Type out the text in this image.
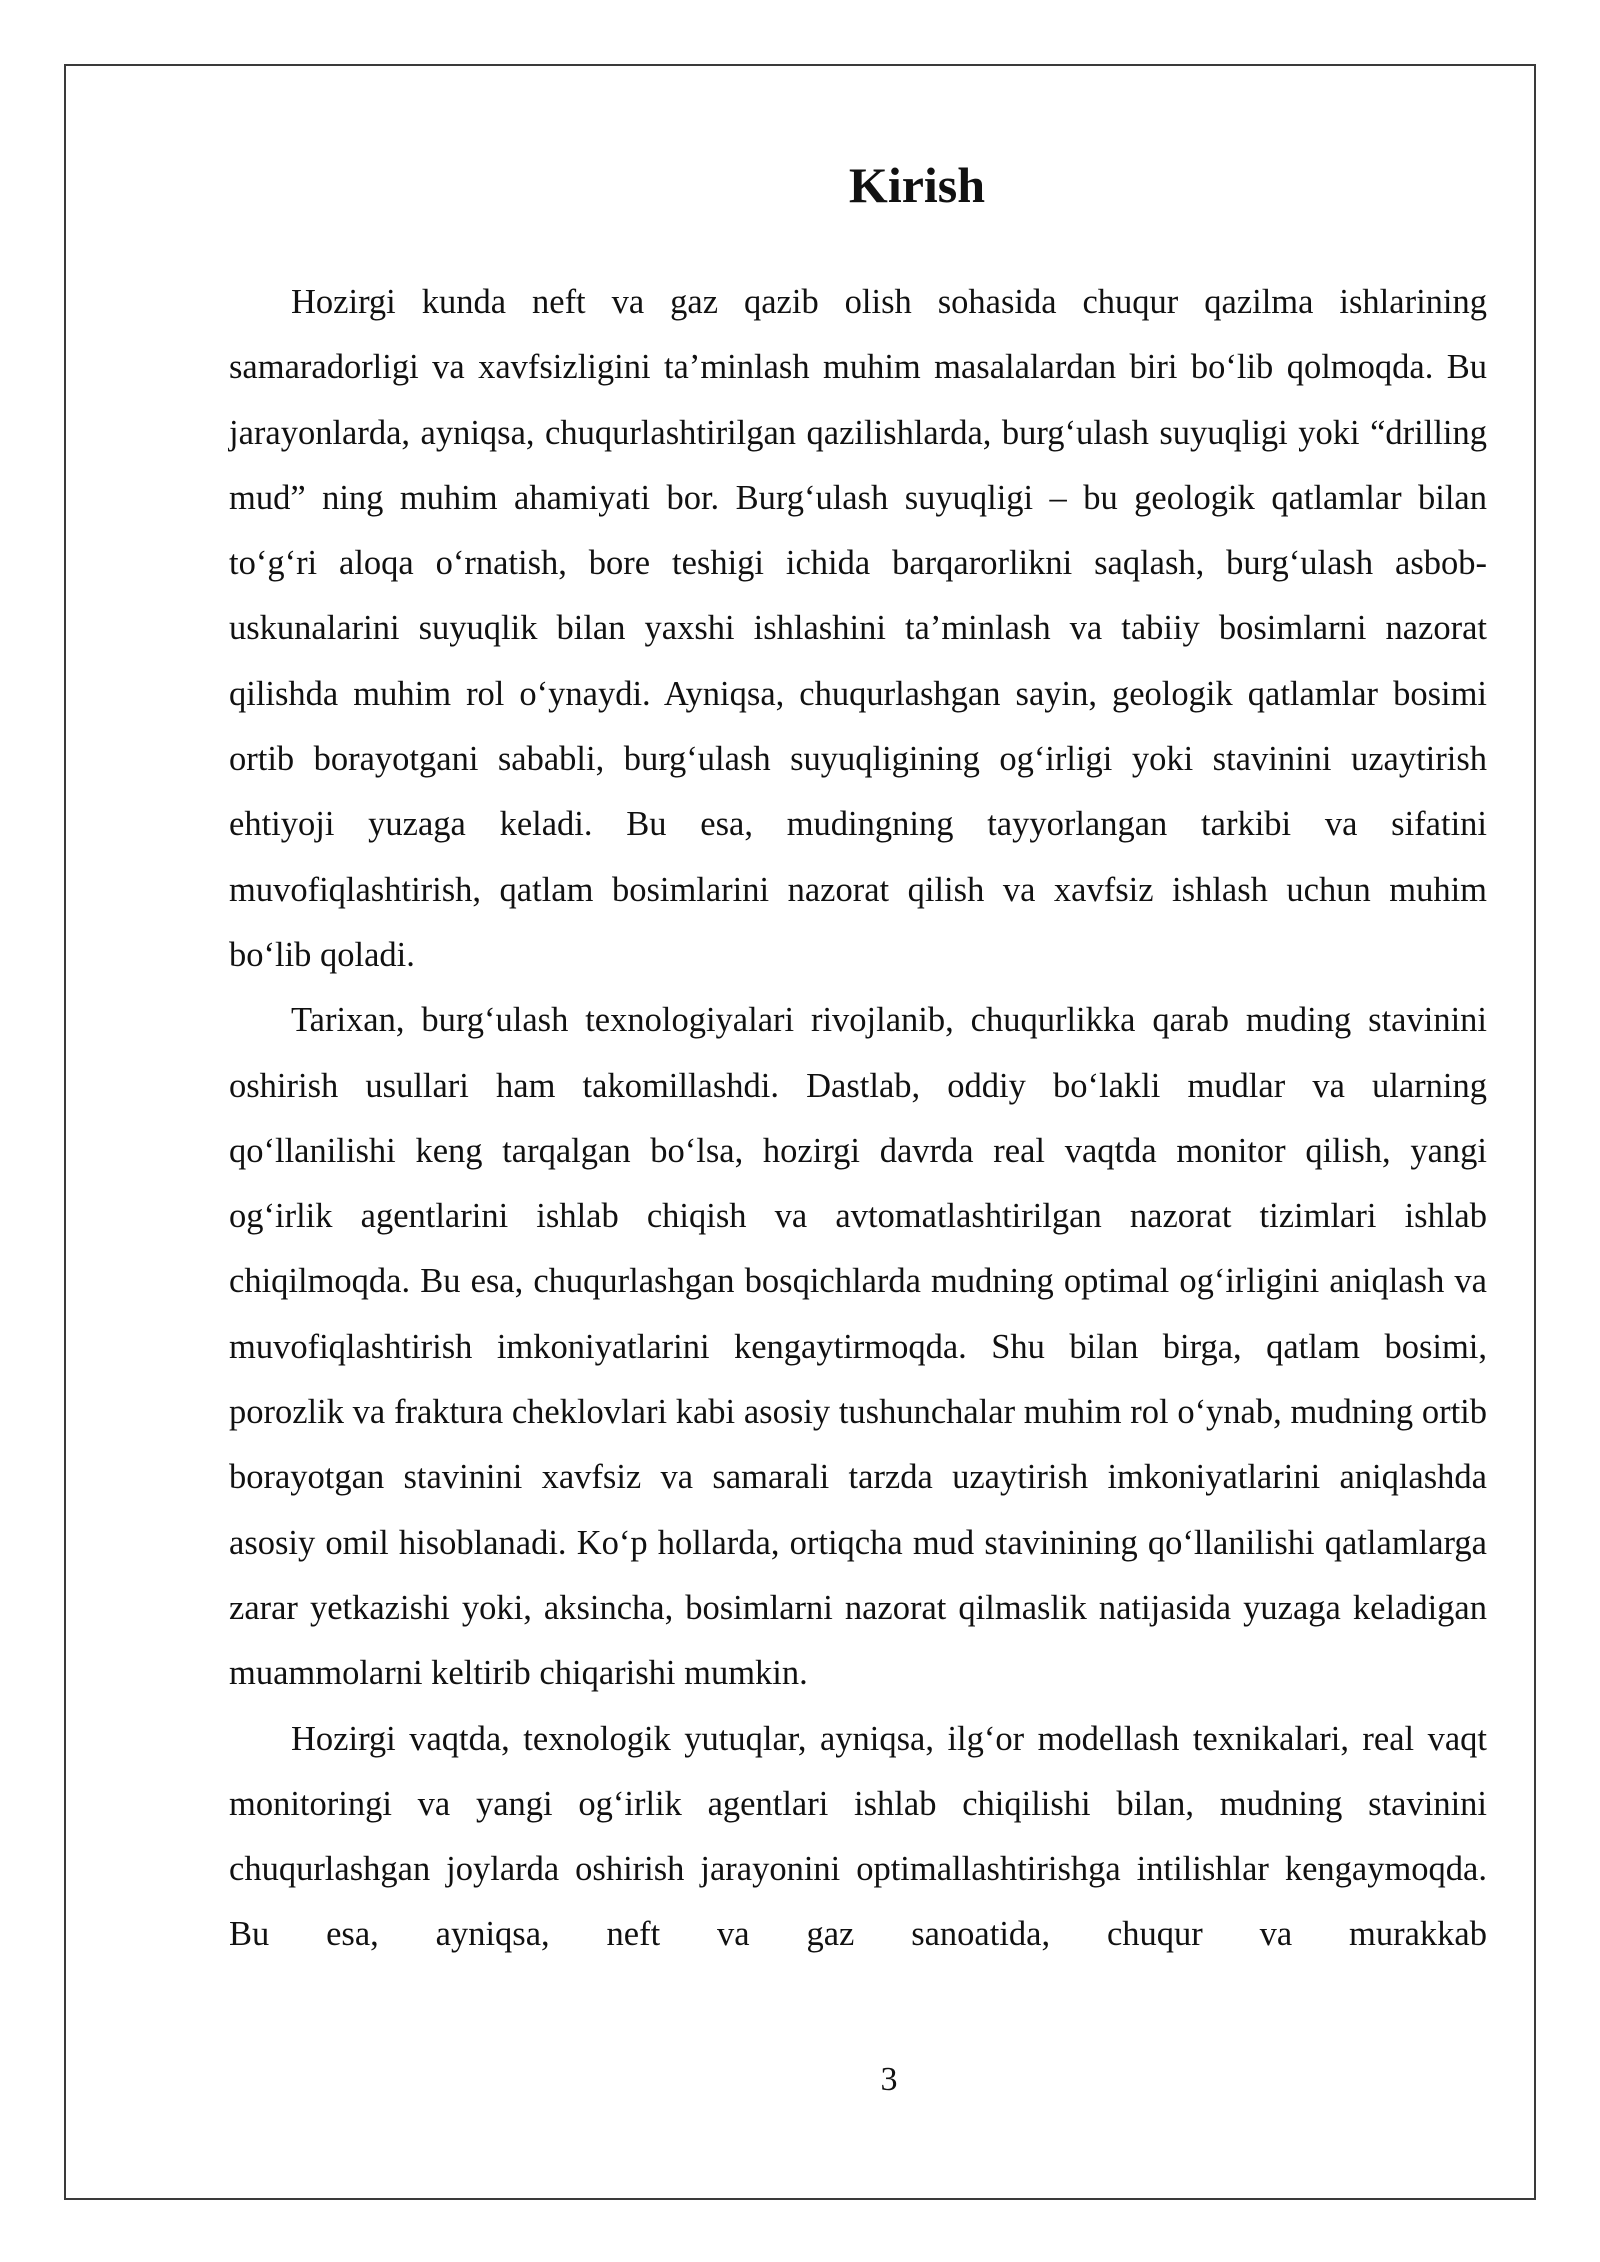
Kirish

Hozirgi kunda neft va gaz qazib olish sohasida chuqur qazilma ishlarining samaradorligi va xavfsizligini ta’minlash muhim masalalardan biri bo‘lib qolmoqda. Bu jarayonlarda, ayniqsa, chuqurlashtirilgan qazilishlarda, burg‘ulash suyuqligi yoki “drilling mud” ning muhim ahamiyati bor. Burg‘ulash suyuqligi – bu geologik qatlamlar bilan to‘g‘ri aloqa o‘rnatish, bore teshigi ichida barqarorlikni saqlash, burg‘ulash asbob-uskunalarini suyuqlik bilan yaxshi ishlashini ta’minlash va tabiiy bosimlarni nazorat qilishda muhim rol o‘ynaydi. Ayniqsa, chuqurlashgan sayin, geologik qatlamlar bosimi ortib borayotgani sababli, burg‘ulash suyuqligining og‘irligi yoki stavinini uzaytirish ehtiyoji yuzaga keladi. Bu esa, mudingning tayyorlangan tarkibi va sifatini muvofiqlashtirish, qatlam bosimlarini nazorat qilish va xavfsiz ishlash uchun muhim bo‘lib qoladi.

Tarixan, burg‘ulash texnologiyalari rivojlanib, chuqurlikka qarab muding stavinini oshirish usullari ham takomillashdi. Dastlab, oddiy bo‘lakli mudlar va ularning qo‘llanilishi keng tarqalgan bo‘lsa, hozirgi davrda real vaqtda monitor qilish, yangi og‘irlik agentlarini ishlab chiqish va avtomatlashtirilgan nazorat tizimlari ishlab chiqilmoqda. Bu esa, chuqurlashgan bosqichlarda mudning optimal og‘irligini aniqlash va muvofiqlashtirish imkoniyatlarini kengaytirmoqda. Shu bilan birga, qatlam bosimi, porozlik va fraktura cheklovlari kabi asosiy tushunchalar muhim rol o‘ynab, mudning ortib borayotgan stavinini xavfsiz va samarali tarzda uzaytirish imkoniyatlarini aniqlashda asosiy omil hisoblanadi. Ko‘p hollarda, ortiqcha mud stavinining qo‘llanilishi qatlamlarga zarar yetkazishi yoki, aksincha, bosimlarni nazorat qilmaslik natijasida yuzaga keladigan muammolarni keltirib chiqarishi mumkin.

Hozirgi vaqtda, texnologik yutuqlar, ayniqsa, ilg‘or modellash texnikalari, real vaqt monitoringi va yangi og‘irlik agentlari ishlab chiqilishi bilan, mudning stavinini chuqurlashgan joylarda oshirish jarayonini optimallashtirishga intilishlar kengaymoqda. Bu esa, ayniqsa, neft va gaz sanoatida, chuqur va murakkab

3
